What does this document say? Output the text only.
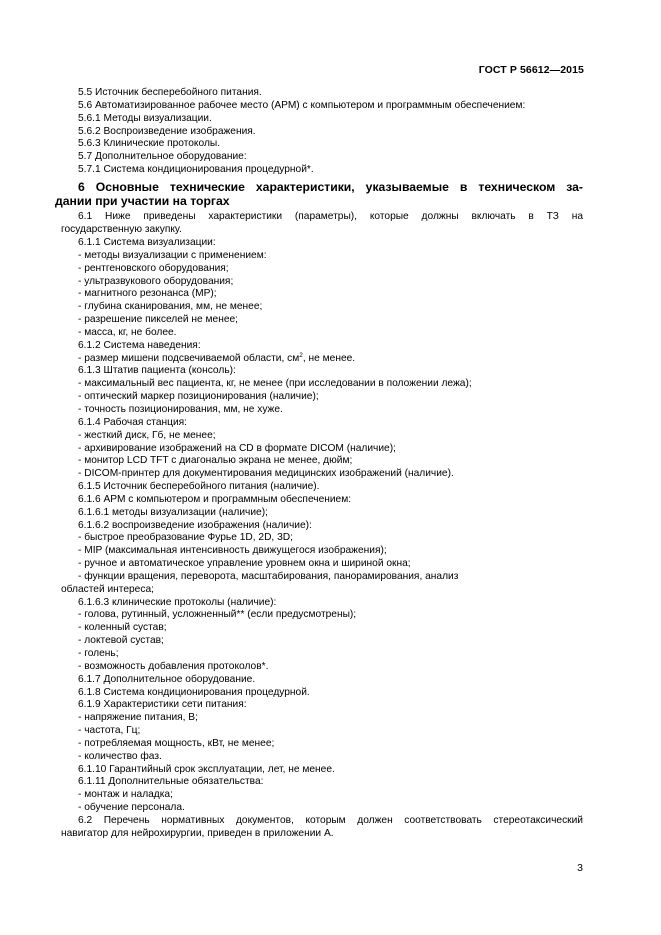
ГОСТ Р 56612—2015
5.5 Источник бесперебойного питания.
5.6 Автоматизированное рабочее место (АРМ) с компьютером и программным обеспечением:
5.6.1 Методы визуализации.
5.6.2 Воспроизведение изображения.
5.6.3 Клинические протоколы.
5.7 Дополнительное оборудование:
5.7.1 Система кондиционирования процедурной*.
6 Основные технические характеристики, указываемые в техническом за-
дании при участии на торгах
6.1 Ниже приведены характеристики (параметры), которые должны включать в ТЗ на
государственную закупку.
6.1.1 Система визуализации:
- методы визуализации с применением:
- рентгеновского оборудования;
- ультразвукового оборудования;
- магнитного резонанса (МР);
- глубина сканирования, мм, не менее;
- разрешение пикселей не менее;
- масса, кг, не более.
6.1.2 Система наведения:
- размер мишени подсвечиваемой области, $см^2$, не менее.
6.1.3 Штатив пациента (консоль):
- максимальный вес пациента, кг, не менее (при исследовании в положении лежа);
- оптический маркер позиционирования (наличие);
- точность позиционирования, мм, не хуже.
6.1.4 Рабочая станция:
- жесткий диск, Гб, не менее;
- архивирование изображений на CD в формате DICOM (наличие);
- монитор LCD TFT с диагональю экрана не менее, дюйм;
- DICOM-принтер для документирования медицинских изображений (наличие).
6.1.5 Источник бесперебойного питания (наличие).
6.1.6 АРМ с компьютером и программным обеспечением:
6.1.6.1 методы визуализации (наличие);
6.1.6.2 воспроизведение изображения (наличие):
- быстрое преобразование Фурье 1D, 2D, 3D;
- MIP (максимальная интенсивность движущегося изображения);
- ручное и автоматическое управление уровнем окна и шириной окна;
- функции вращения, переворота, масштабирования, панорамирования, анализ
областей интереса;
6.1.6.3 клинические протоколы (наличие):
- голова, рутинный, усложненный** (если предусмотрены);
- коленный сустав;
- локтевой сустав;
- голень;
- возможность добавления протоколов*.
6.1.7 Дополнительное оборудование.
6.1.8 Система кондиционирования процедурной.
6.1.9 Характеристики сети питания:
- напряжение питания, В;
- частота, Гц;
- потребляемая мощность, кВт, не менее;
- количество фаз.
6.1.10 Гарантийный срок эксплуатации, лет, не менее.
6.1.11 Дополнительные обязательства:
- монтаж и наладка;
- обучение персонала.
6.2 Перечень нормативных документов, которым должен соответствовать стереотаксический
навигатор для нейрохирургии, приведен в приложении А.
3
